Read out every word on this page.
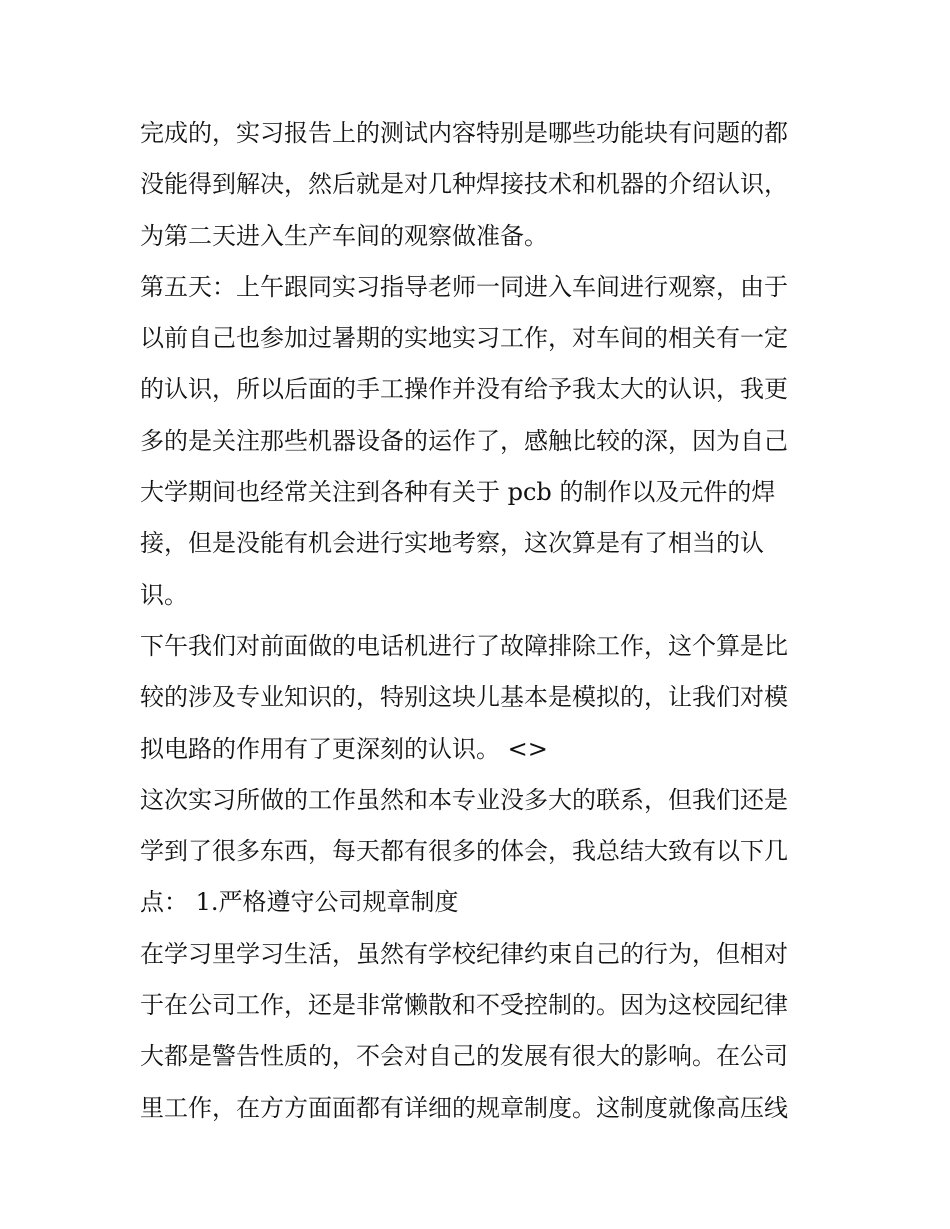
完成的，实习报告上的测试内容特别是哪些功能块有问题的都
没能得到解决，然后就是对几种焊接技术和机器的介绍认识，
为第二天进入生产车间的观察做准备。
第五天：上午跟同实习指导老师一同进入车间进行观察，由于
以前自己也参加过暑期的实地实习工作，对车间的相关有一定
的认识，所以后面的手工操作并没有给予我太大的认识，我更
多的是关注那些机器设备的运作了，感触比较的深，因为自己
大学期间也经常关注到各种有关于 pcb 的制作以及元件的焊
接，但是没能有机会进行实地考察，这次算是有了相当的认
识。
下午我们对前面做的电话机进行了故障排除工作，这个算是比
较的涉及专业知识的，特别这块儿基本是模拟的，让我们对模
拟电路的作用有了更深刻的认识。 <>
这次实习所做的工作虽然和本专业没多大的联系，但我们还是
学到了很多东西，每天都有很多的体会，我总结大致有以下几
点： 1.严格遵守公司规章制度
在学习里学习生活，虽然有学校纪律约束自己的行为，但相对
于在公司工作，还是非常懒散和不受控制的。因为这校园纪律
大都是警告性质的，不会对自己的发展有很大的影响。在公司
里工作，在方方面面都有详细的规章制度。这制度就像高压线
